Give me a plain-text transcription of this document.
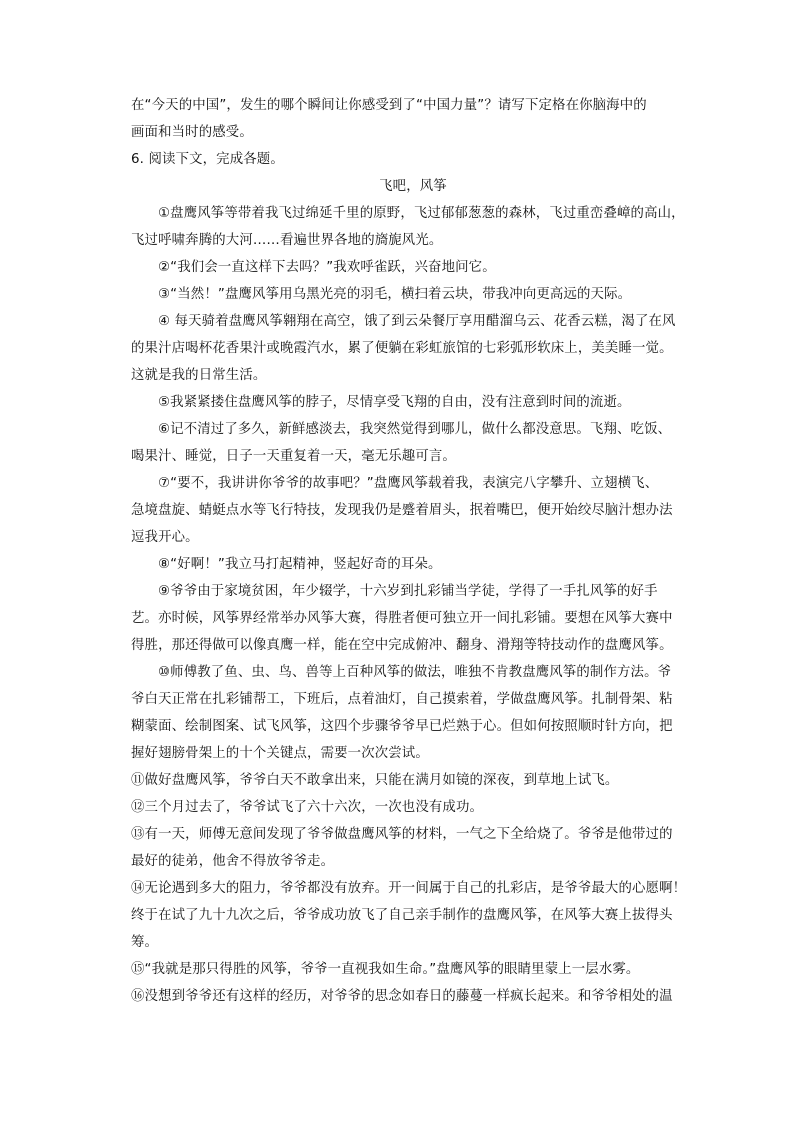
在“今天的中国”，发生的哪个瞬间让你感受到了“中国力量”？请写下定格在你脑海中的
画面和当时的感受。
6. 阅读下文，完成各题。
飞吧，风筝
①盘鹰风筝等带着我飞过绵延千里的原野，飞过郁郁葱葱的森林，飞过重峦叠嶂的高山，
飞过呼啸奔腾的大河……看遍世界各地的旖旎风光。
②“我们会一直这样下去吗？”我欢呼雀跃，兴奋地问它。
③“当然！”盘鹰风筝用乌黑光亮的羽毛，横扫着云块，带我冲向更高远的天际。
④ 每天骑着盘鹰风筝翱翔在高空，饿了到云朵餐厅享用醋溜乌云、花香云糕，渴了在风
的果汁店喝杯花香果汁或晚霞汽水，累了便躺在彩虹旅馆的七彩弧形软床上，美美睡一觉。
这就是我的日常生活。
⑤我紧紧搂住盘鹰风筝的脖子，尽情享受飞翔的自由，没有注意到时间的流逝。
⑥记不清过了多久，新鲜感淡去，我突然觉得到哪儿，做什么都没意思。飞翔、吃饭、
喝果汁、睡觉，日子一天重复着一天，毫无乐趣可言。
⑦“要不，我讲讲你爷爷的故事吧？”盘鹰风筝载着我，表演完八字攀升、立翅横飞、
急境盘旋、蜻蜓点水等飞行特技，发现我仍是蹙着眉头，抿着嘴巴，便开始绞尽脑汁想办法
逗我开心。
⑧“好啊！”我立马打起精神，竖起好奇的耳朵。
⑨爷爷由于家境贫困，年少辍学，十六岁到扎彩铺当学徒，学得了一手扎风筝的好手
艺。亦时候，风筝界经常举办风筝大赛，得胜者便可独立开一间扎彩铺。要想在风筝大赛中
得胜，那还得做可以像真鹰一样，能在空中完成俯冲、翻身、滑翔等特技动作的盘鹰风筝。
⑩师傅教了鱼、虫、鸟、兽等上百种风筝的做法，唯独不肯教盘鹰风筝的制作方法。爷
爷白天正常在扎彩铺帮工，下班后，点着油灯，自己摸索着，学做盘鹰风筝。扎制骨架、粘
糊蒙面、绘制图案、试飞风筝，这四个步骤爷爷早已烂熟于心。但如何按照顺时针方向，把
握好翅膀骨架上的十个关键点，需要一次次尝试。
⑪做好盘鹰风筝，爷爷白天不敢拿出来，只能在满月如镜的深夜，到草地上试飞。
⑫三个月过去了，爷爷试飞了六十六次，一次也没有成功。
⑬有一天，师傅无意间发现了爷爷做盘鹰风筝的材料，一气之下全给烧了。爷爷是他带过的
最好的徒弟，他舍不得放爷爷走。
⑭无论遇到多大的阻力，爷爷都没有放弃。开一间属于自己的扎彩店，是爷爷最大的心愿啊！
终于在试了九十九次之后，爷爷成功放飞了自己亲手制作的盘鹰风筝，在风筝大赛上拔得头
筹。
⑮“我就是那只得胜的风筝，爷爷一直视我如生命。”盘鹰风筝的眼睛里蒙上一层水雾。
⑯没想到爷爷还有这样的经历，对爷爷的思念如春日的藤蔓一样疯长起来。和爷爷相处的温
